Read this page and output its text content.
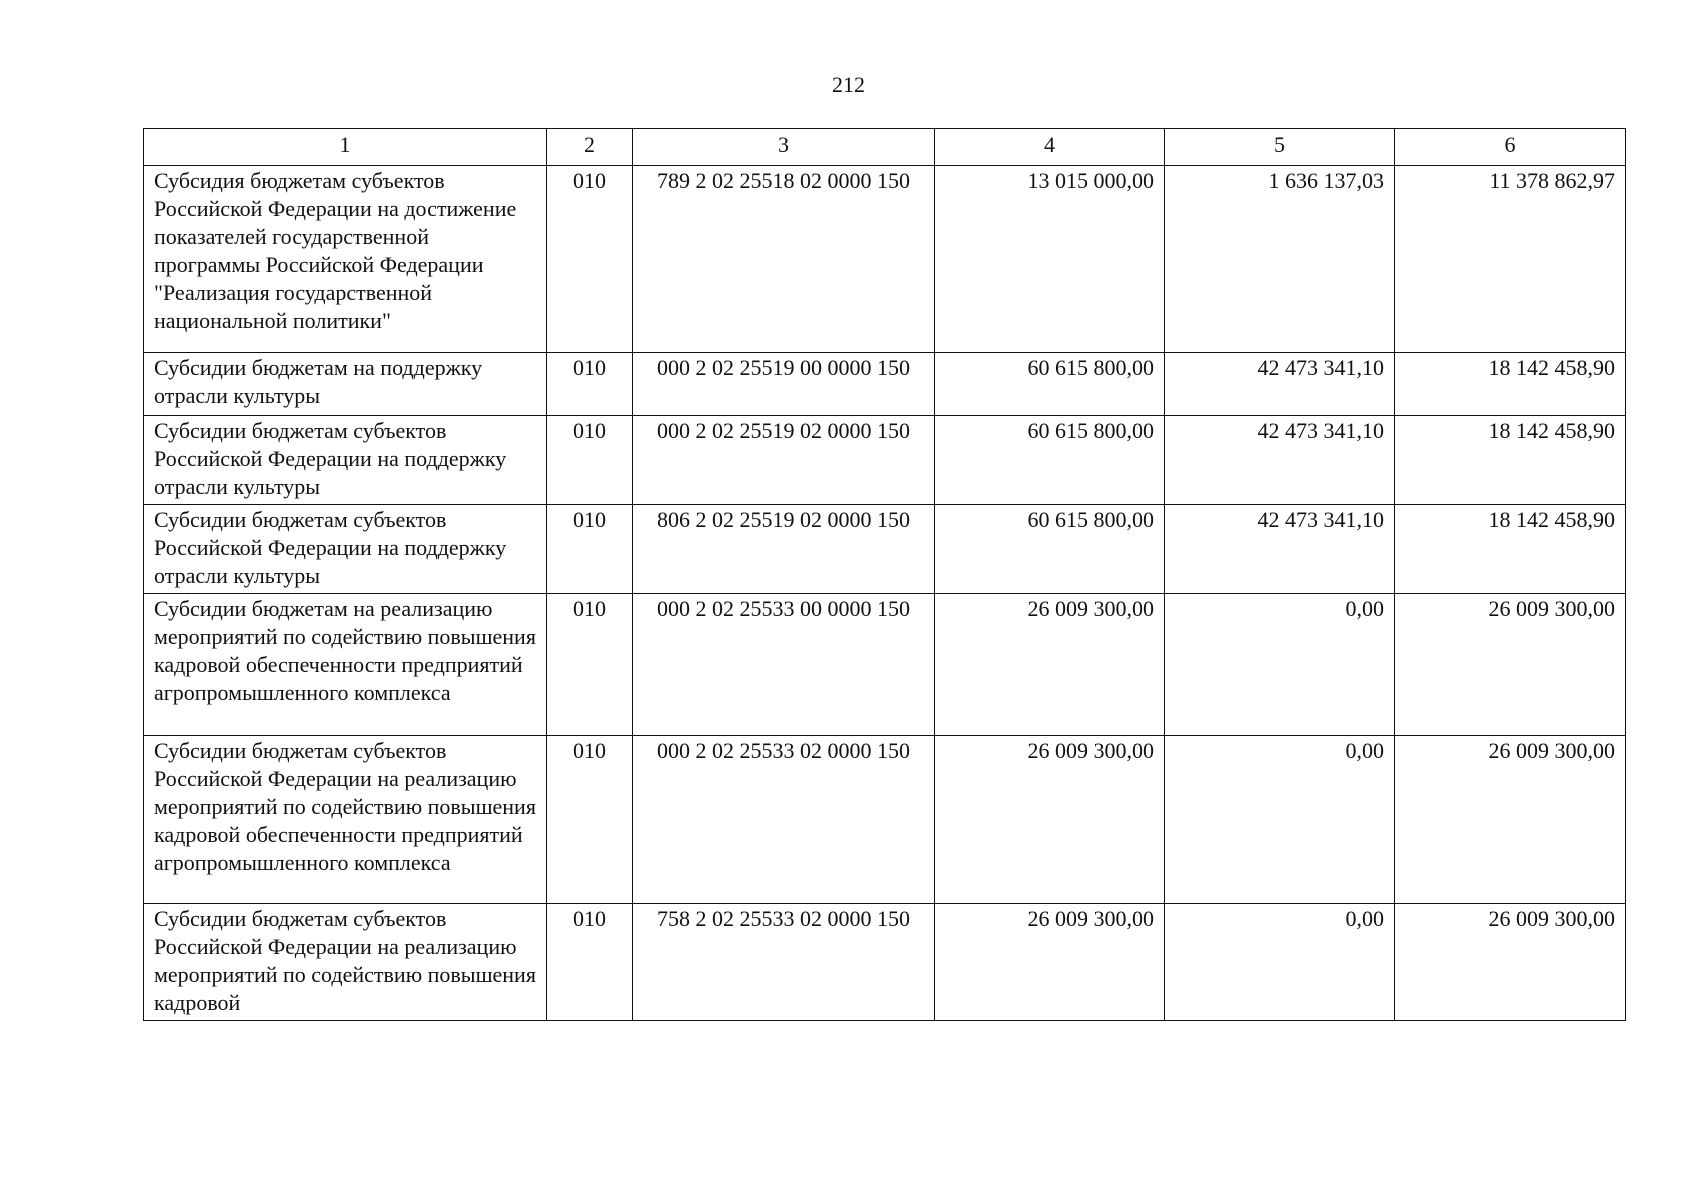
212
1	2	3	4	5	6
Субсидия бюджетам субъектов Российской Федерации на достижение показателей государственной программы Российской Федерации "Реализация государственной национальной политики"	010	789 2 02 25518 02 0000 150	13 015 000,00	1 636 137,03	11 378 862,97
Субсидии бюджетам на поддержку отрасли культуры	010	000 2 02 25519 00 0000 150	60 615 800,00	42 473 341,10	18 142 458,90
Субсидии бюджетам субъектов Российской Федерации на поддержку отрасли культуры	010	000 2 02 25519 02 0000 150	60 615 800,00	42 473 341,10	18 142 458,90
Субсидии бюджетам субъектов Российской Федерации на поддержку отрасли культуры	010	806 2 02 25519 02 0000 150	60 615 800,00	42 473 341,10	18 142 458,90
Субсидии бюджетам на реализацию мероприятий по содействию повышения кадровой обеспеченности предприятий агропромышленного комплекса	010	000 2 02 25533 00 0000 150	26 009 300,00	0,00	26 009 300,00
Субсидии бюджетам субъектов Российской Федерации на реализацию мероприятий по содействию повышения кадровой обеспеченности предприятий агропромышленного комплекса	010	000 2 02 25533 02 0000 150	26 009 300,00	0,00	26 009 300,00
Субсидии бюджетам субъектов Российской Федерации на реализацию мероприятий по содействию повышения кадровой	010	758 2 02 25533 02 0000 150	26 009 300,00	0,00	26 009 300,00
